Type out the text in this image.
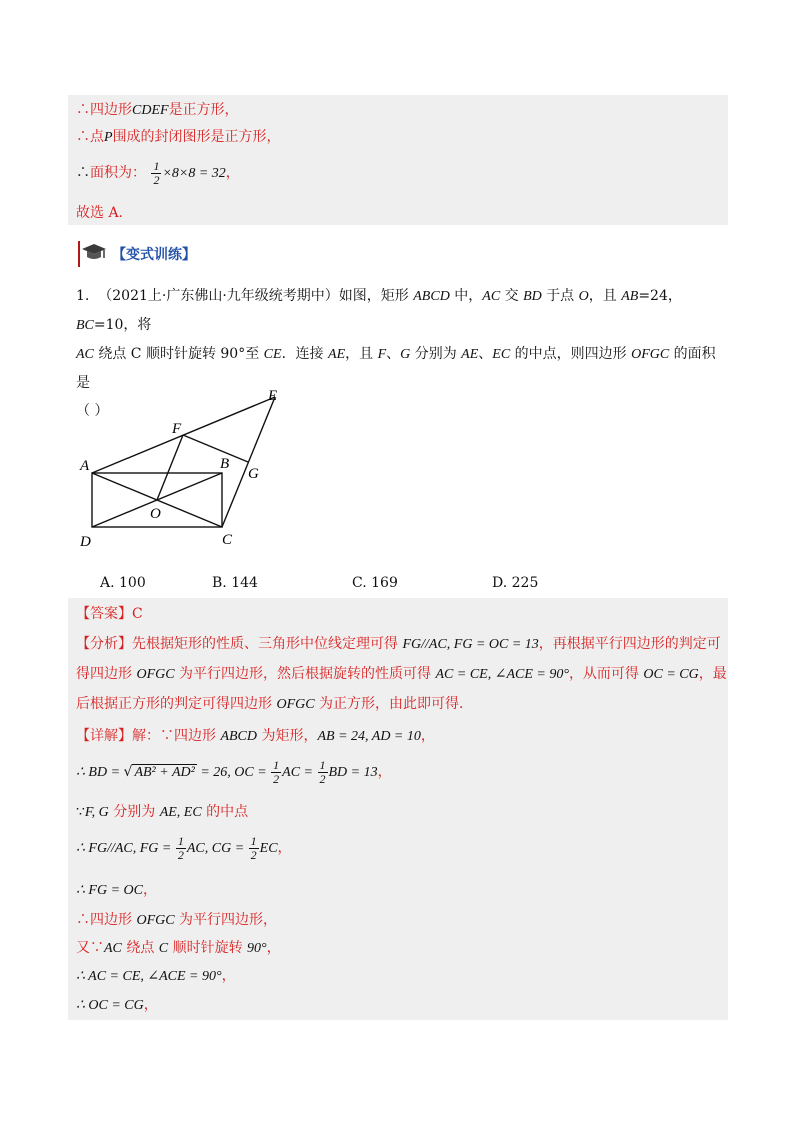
∴四边形CDEF是正方形，
∴点P围成的封闭图形是正方形，
∴面积为： $\frac{1}{2} \times 8\times 8 = 32$，
故选 A.
【变式训练】
1. （2021上·广东佛山·九年级统考期中）如图，矩形 ABCD 中，AC 交 BD 于点 O，且 AB=24，BC=10，将
AC 绕点 C 顺时针旋转 90°至 CE．连接 AE，且 F、G 分别为 AE、EC 的中点，则四边形 OFGC 的面积是
（ ）
A	B
C
D
E
F
G
O
A. 100	B. 144	C. 169	D. 225
【答案】C
【分析】先根据矩形的性质、三角形中位线定理可得 FG//AC, FG = OC = 13，再根据平行四边形的判定可
得四边形 OFGC 为平行四边形，然后根据旋转的性质可得 AC = CE, ∠ACE = 90°，从而可得 OC = CG，最
后根据正方形的判定可得四边形 OFGC 为正方形，由此即可得.
【详解】解：∵四边形 ABCD 为矩形，AB = 24, AD = 10，
∴ BD = √ AB² + AD² = 26, OC = $\frac{1}{2}$ AC = $\frac{1}{2}$ BD = 13，
∵F, G 分别为 AE, EC 的中点
∴ FG//AC, FG = $\frac{1}{2}$ AC, CG = $\frac{1}{2}$ EC，
∴ FG = OC，
∴四边形 OFGC 为平行四边形，
又∵AC 绕点 C 顺时针旋转 90°，
∴ AC = CE, ∠ACE = 90°，
∴ OC = CG，
